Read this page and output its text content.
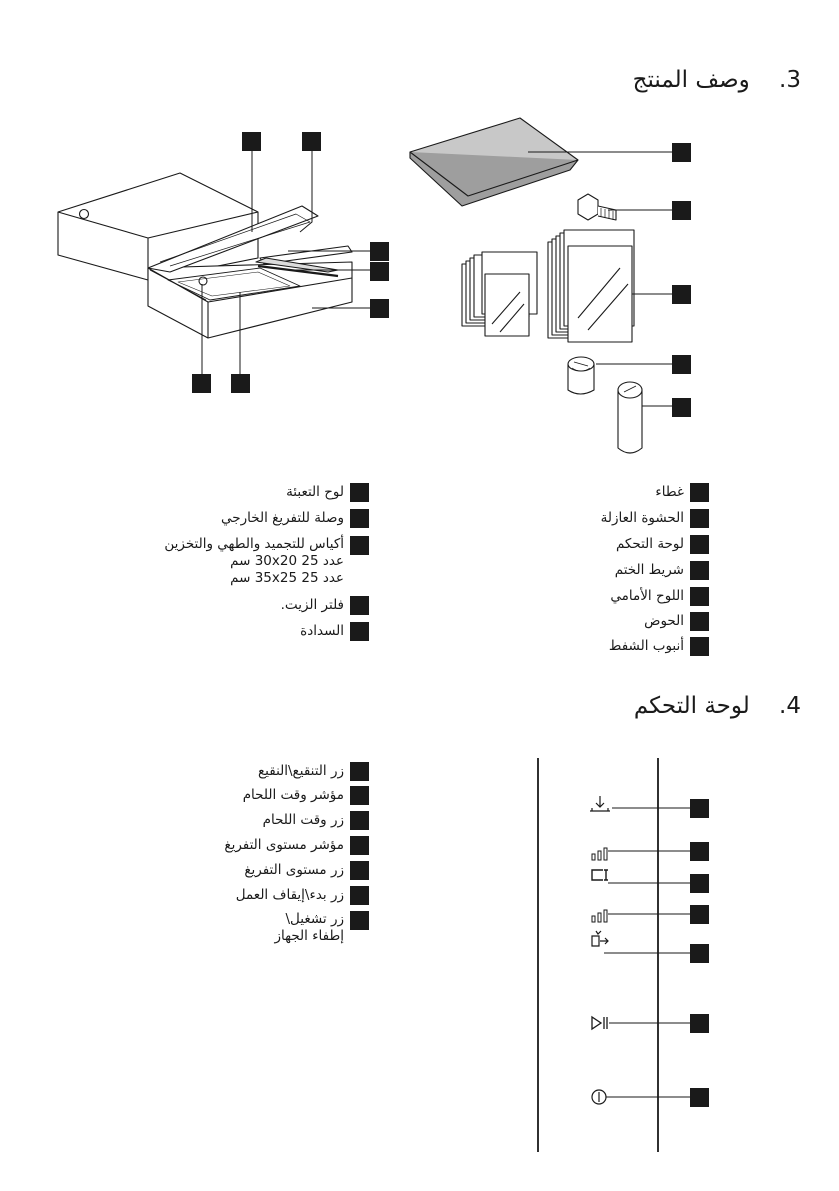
3.    وصف المنتج
لوح التعبئة
وصلة للتفريغ الخارجي
أكياس للتجميد والطهي والتخزين
عدد 25 30x20 سم
عدد 25 35x25 سم
فلتر الزيت.
السدادة
غطاء
الحشوة العازلة
لوحة التحكم
شريط الختم
اللوح الأمامي
الحوض
أنبوب الشفط
4.    لوحة التحكم
زر التنقيع\النقيع
مؤشر وقت اللحام
زر وقت اللحام
مؤشر مستوى التفريغ
زر مستوى التفريغ
زر بدء\إيقاف العمل
زر تشغيل\
إطفاء الجهاز
